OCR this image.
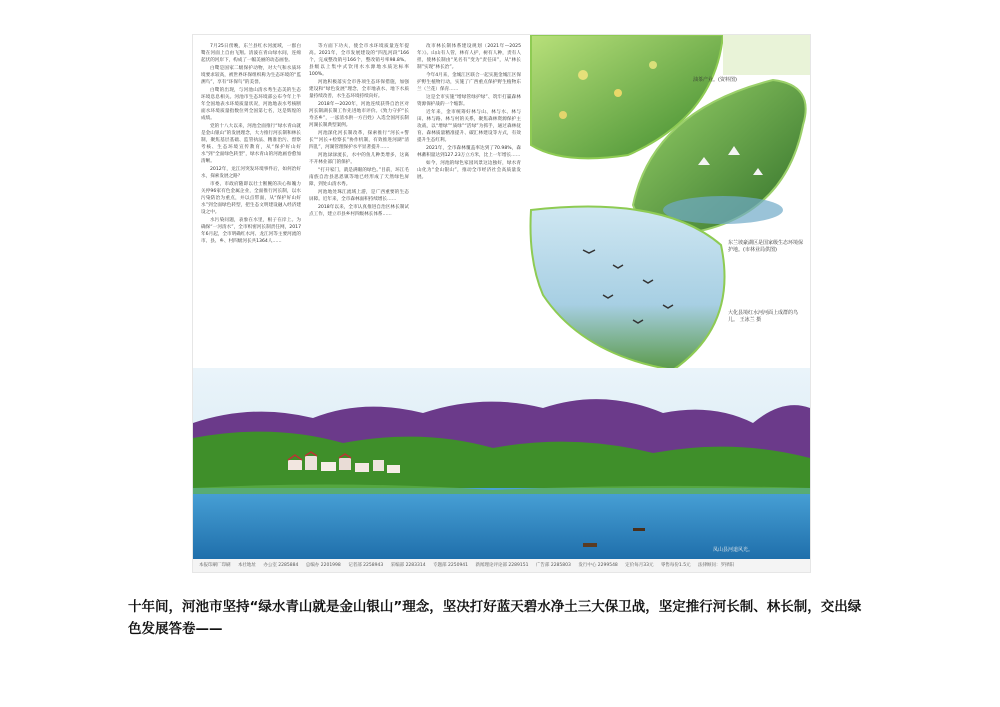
7月25日傍晚，东兰县红水河流域，一群白鹭在河面上自由飞翔。清波在青山绿水间，连绵起伏的河岸下，构成了一幅美丽的动态画卷。

白鹭是国家二级保护动物，对大气和水质环境要求较高，被世界环保组织称为生态环境的“监测鸟”，享有“环保鸟”的美誉。

白鹭的出现，与河池山清水秀生态美的生态环境息息相关。河池市生态环境部公布今年上半年全国地表水环境质量状况，河池地表水考核断面水环境质量指数位列全国第七名，这是辉煌的成绩。

党的十八大以来，河池全面推行“绿水青山就是金山银山”的发展理念，大力推行河长制和林长制，聚焦基层基础、监管执法、精准治污、督察考核、生态环境宣传教育，从“保护好山好水”到“全面绿色转型”，绿水青山的河池画卷愈加清晰。

2012年，龙江河突发环境事件后，如何治好水，探索发展之路？

市委、市政府随即以壮士断腕的决心和魄力关停96家有色金属企业，全面推行河长制，以水污染防治为重点，并以点带面，从“保护好山好水”到全面绿色转型，把生态文明建设融入经济建设之中。

水污染问题，表象在水里，根子在岸上。为确保“一河清水”，全市织密河长制责任网，2017年6月起，全市明确红水河、龙江河等主要河流的市、县、乡、村四级河长共1364人……

等方面下功夫，使全市水环境质量连年提高。2021年，全市发展建设的“四乱河段”166个，完成整改销号166个，整改销号率98.8%。县级以上集中式饮用水水源地水质达标率100%。

河池积极落实全市各项生态环保措施，加强建设和“绿色发展”理念，全市地表水、地下水质量持续改善，水生态环境持续向好。

2018年—2020年，河池连续获得自治区对河长制湖长制工作先进地市评价。《致力守护“长寿圣乡”，一泓清水供一方百姓》入选全国河长制河湖长制典型案例。

河池深化河长制改革，探索推行“河长+警长”“河长+检察长”协作机制，有效推进河湖“清四乱”，河湖管理保护水平显著提升……

河池渌渌流长，水中的鱼儿种类增多，这离不开林业部门的保护。

“打开家门，就是满眼的绿色。”目前，环江毛南族自治县思恩镇等地已经形成了天然绿色屏障，到处山清水秀。

河池地处珠江流域上游，是广西重要的生态屏障。近年来，全市森林面积持续增长……

2018年以来，全市认真推进自治区林长制试点工作，建立市县乡村四级林长体系……

改市林长制体系建设规划（2021年—2025年）》。山山有人管，林有人护，树有人种，责有人担，使林长制由“见名有”变为“责任田”，从“林长制”实现“林长治”。

今年4月来，金城江区联合一起实施金城江区保护野生植物行动，实施了广西重点保护野生植物东兰（兰花）保育……

这是全市实施“增绿管绿护绿”、筑牢打赢森林资源保护战的一个缩影。

近年来，金市统筹好林与山、林与水、林与田、林与路、林与村的关系，聚焦森林资源保护主攻战，以“增绿”“质绿”“活绿”为抓手，通过森林抚育、森林质量精准提升、碳汇林建设等方式，有效提升生态红利。

2021年，全市森林覆盖率达到了70.98%，森林蓄积量达到127.23万立方米，比上一年增长……

如今，河池的绿色家园风景这边独好，绿水青山化为“金山银山”，推动全市经济社会高质量发展。

油茶产业。(资料图)
东兰坡豪湖区是国家级生态环境保护地。(市林业局供图)
大化县境红水河河面上成群的鸟儿。 王冰兰 摄
凤山县河道风光。
本报印刷厂印刷 本社地址 办公室 2285884 总编办 2201998 记者部 2258943 采编部 2283314 专题部 2250941 新闻理论评论部 2289151 广告部 2285803 发行中心 2299548 定价每月33元 零售每份1.5元 法律顾问：罗择阳
十年间，河池市坚持“绿水青山就是金山银山”理念，坚决打好蓝天碧水净土三大保卫战，坚定推行河长制、林长制，交出绿
色发展答卷——
